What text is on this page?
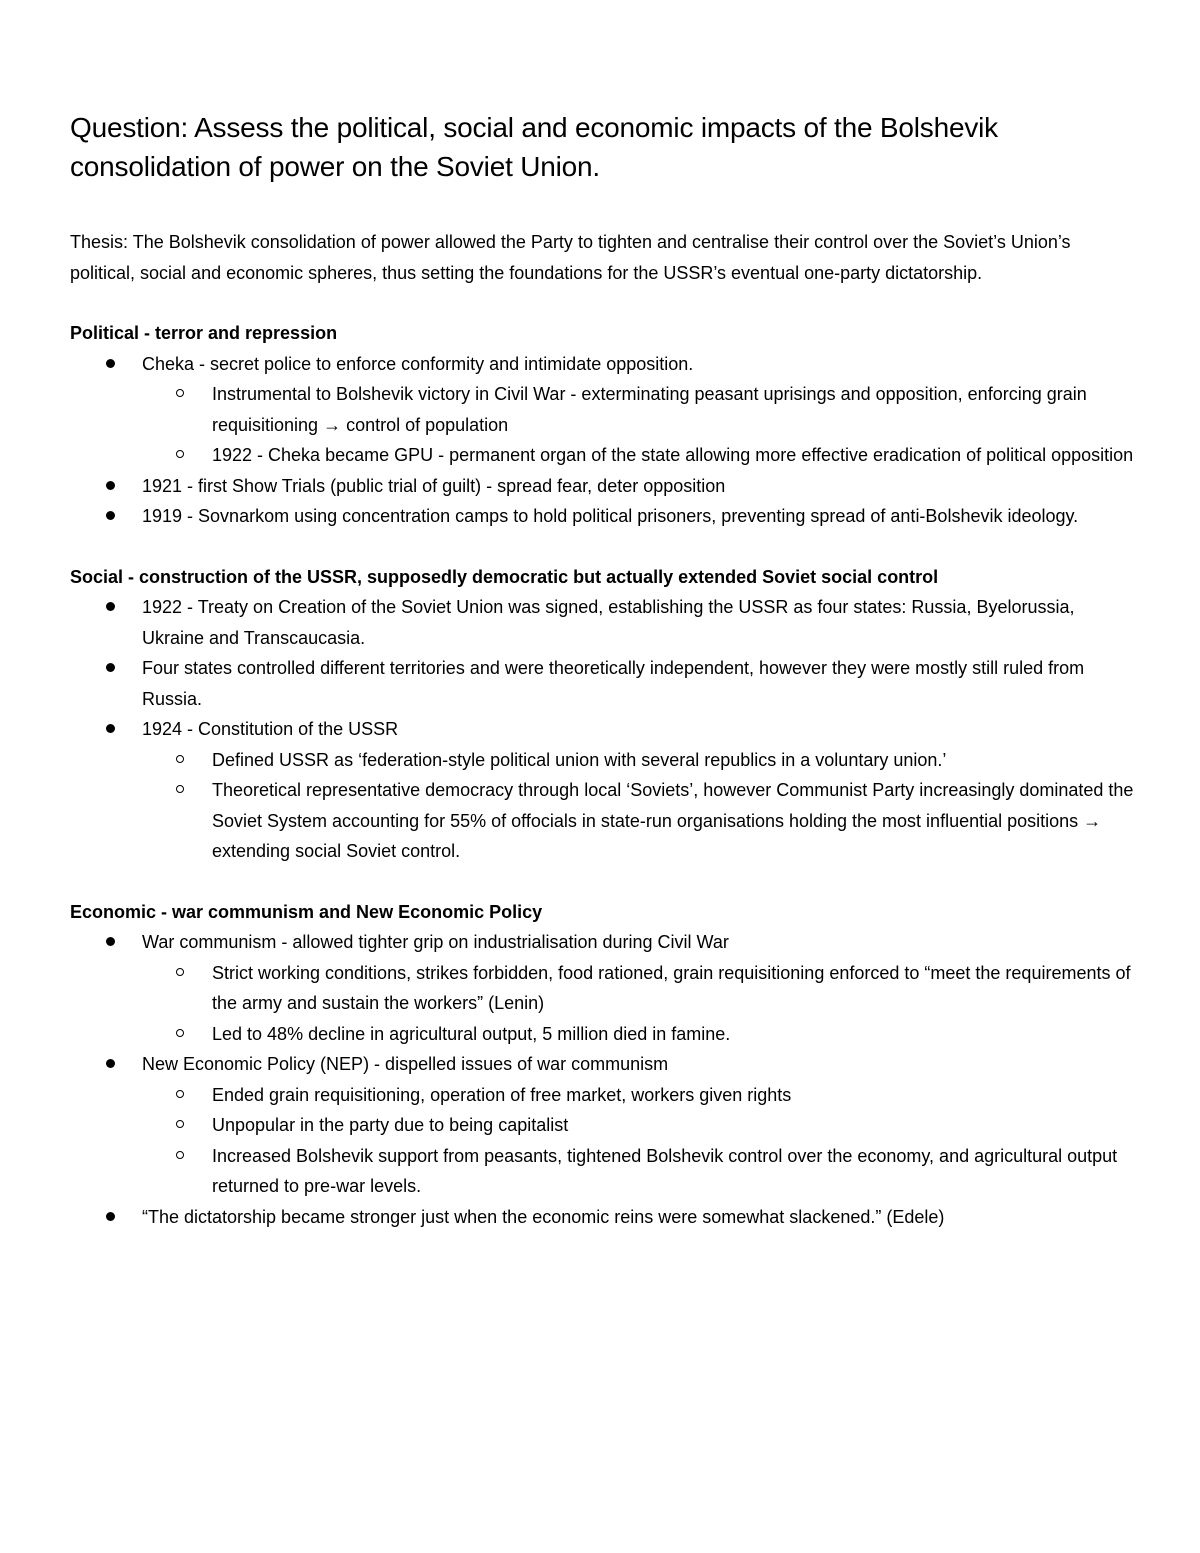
Question: Assess the political, social and economic impacts of the Bolshevik consolidation of power on the Soviet Union.

Thesis: The Bolshevik consolidation of power allowed the Party to tighten and centralise their control over the Soviet’s Union’s political, social and economic spheres, thus setting the foundations for the USSR’s eventual one-party dictatorship.

Political - terror and repression
Cheka - secret police to enforce conformity and intimidate opposition.
Instrumental to Bolshevik victory in Civil War - exterminating peasant uprisings and opposition, enforcing grain requisitioning → control of population
1922 - Cheka became GPU - permanent organ of the state allowing more effective eradication of political opposition
1921 - first Show Trials (public trial of guilt) - spread fear, deter opposition
1919 - Sovnarkom using concentration camps to hold political prisoners, preventing spread of anti-Bolshevik ideology.
Social - construction of the USSR, supposedly democratic but actually extended Soviet social control
1922 - Treaty on Creation of the Soviet Union was signed, establishing the USSR as four states: Russia, Byelorussia, Ukraine and Transcaucasia.
Four states controlled different territories and were theoretically independent, however they were mostly still ruled from Russia.
1924 - Constitution of the USSR
Defined USSR as ‘federation-style political union with several republics in a voluntary union.’
Theoretical representative democracy through local ‘Soviets’, however Communist Party increasingly dominated the Soviet System accounting for 55% of offocials in state-run organisations holding the most influential positions → extending social Soviet control.
Economic - war communism and New Economic Policy
War communism - allowed tighter grip on industrialisation during Civil War
Strict working conditions, strikes forbidden, food rationed, grain requisitioning enforced to “meet the requirements of the army and sustain the workers” (Lenin)
Led to 48% decline in agricultural output, 5 million died in famine.
New Economic Policy (NEP) - dispelled issues of war communism
Ended grain requisitioning, operation of free market, workers given rights
Unpopular in the party due to being capitalist
Increased Bolshevik support from peasants, tightened Bolshevik control over the economy, and agricultural output returned to pre-war levels.
“The dictatorship became stronger just when the economic reins were somewhat slackened.” (Edele)
